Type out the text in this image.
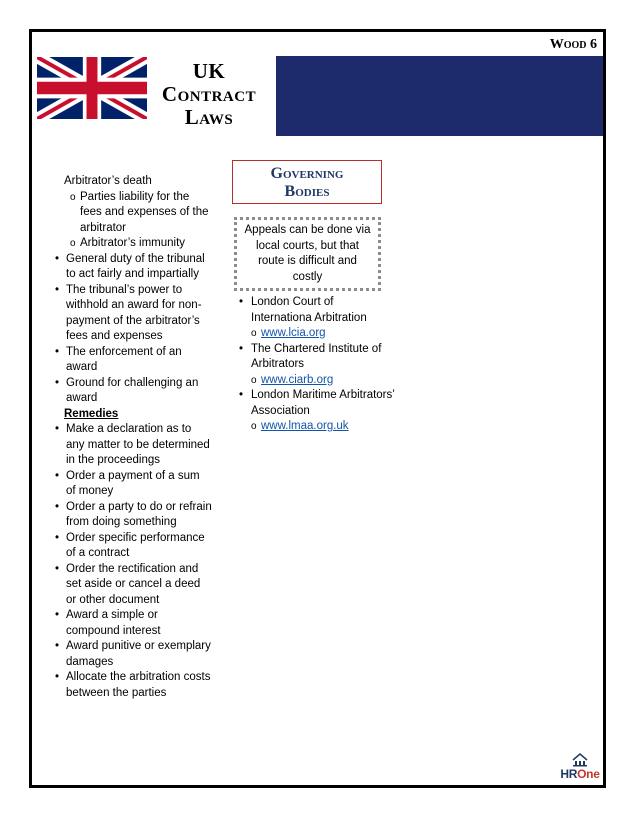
Wood 6
UK
Contract
Laws
Arbitrator’s death
o Parties liability for the fees and expenses of the arbitrator
o Arbitrator’s immunity
• General duty of the tribunal to act fairly and impartially
• The tribunal’s power to withhold an award for non-payment of the arbitrator’s fees and expenses
• The enforcement of an award
• Ground for challenging an award
Remedies
• Make a declaration as to any matter to be determined in the proceedings
• Order a payment of a sum of money
• Order a party to do or refrain from doing something
• Order specific performance of a contract
• Order the rectification and set aside or cancel a deed or other document
• Award a simple or compound interest
• Award punitive or exemplary damages
• Allocate the arbitration costs between the parties
Governing
Bodies
Appeals can be done via local courts, but that route is difficult and costly
• London Court of Internationa Arbitration
o www.lcia.org
• The Chartered Institute of Arbitrators
o www.ciarb.org
• London Maritime Arbitrators’ Association
o www.lmaa.org.uk
HROne
